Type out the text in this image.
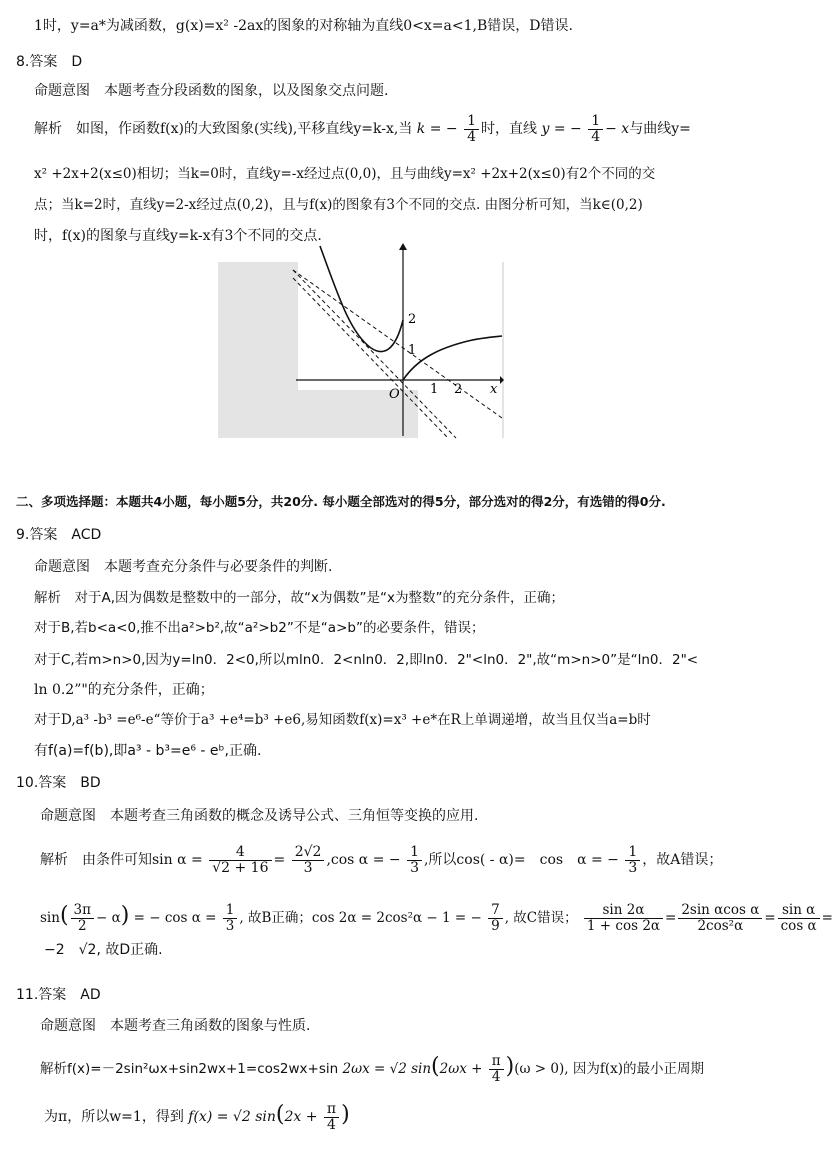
1时，y=a*为减函数，g(x)=x² -2ax的图象的对称轴为直线0<x=a<1,B错误，D错误.
8.答案　D
命题意图　本题考查分段函数的图象，以及图象交点问题.
解析　如图，作函数f(x)的大致图象(实线),平移直线y=k-x,当 k = − $\frac{1}{4}$ 时，直线 y = − $\frac{1}{4} - x$与曲线y=
x² +2x+2(x≤0)相切；当k=0时，直线y=-x经过点(0,0)，且与曲线y=x² +2x+2(x≤0)有2个不同的交
点；当k=2时，直线y=2-x经过点(0,2)，且与f(x)的图象有3个不同的交点. 由图分析可知，当k∈(0,2)
时，f(x)的图象与直线y=k-x有3个不同的交点.
2
1
1 2 x
O
二、多项选择题：本题共4小题，每小题5分，共20分. 每小题全部选对的得5分，部分选对的得2分，有选错的得0分.
9.答案　ACD
命题意图　本题考查充分条件与必要条件的判断.
解析　对于A,因为偶数是整数中的一部分，故“x为偶数”是“x为整数”的充分条件，正确；
对于B,若b<a<0,推不出a²>b²,故“a²>b2”不是“a>b”的必要条件，错误；
对于C,若m>n>0,因为y=ln0．2<0,所以mln0．2<nln0．2,即ln0．2"<ln0．2",故“m>n>0”是“ln0．2"<
ln 0.2”"的充分条件，正确；
对于D,a³ -b³ =e⁶-e“等价于a³ +e⁴=b³ +e6,易知函数f(x)=x³ +e*在R上单调递增，故当且仅当a=b时
有f(a)=f(b),即a³ - b³=e⁶ - eᵇ,正确.
10.答案　BD
命题意图　本题考查三角函数的概念及诱导公式、三角恒等变换的应用.
解析　由条件可知$\sin \alpha = \frac{4}{√2 + 16} = \frac{2√2}{3} ,\cos$ α = − $\frac{1}{3}$ ,所以cos( - α)=　cos　α = − $\frac{1}{3}$ ，故A错误；
$\sin( \frac{3\pi}{2} - \alpha)$ = − $\cos \alpha = \frac{1}{3}$ , 故B正确；cos 2α = 2cos²α − 1 = − $\frac{7}{9}$ , 故C错误； $\frac{\sin 2\alpha}{1 + \cos 2\alpha} = \frac{\text{2sin αcos α}}{\text{2cos²α}} = \frac{\text{sin α}}{\text{cos α}}$ =
−2　√2, 故D正确.
11.答案　AD
命题意图　本题考查三角函数的图象与性质.
解析f(x)=－2sin²ωx+sin2wx+1=cos2wx+sin 2ωx = √2 $\sin(2\omega x + \frac{\pi}{4} )(\omega > 0)$, 因为f(x)的最小正周期
为π，所以w=1，得到 f(x) = √2 $\sin(2x + \frac{\pi}{4}$ )
